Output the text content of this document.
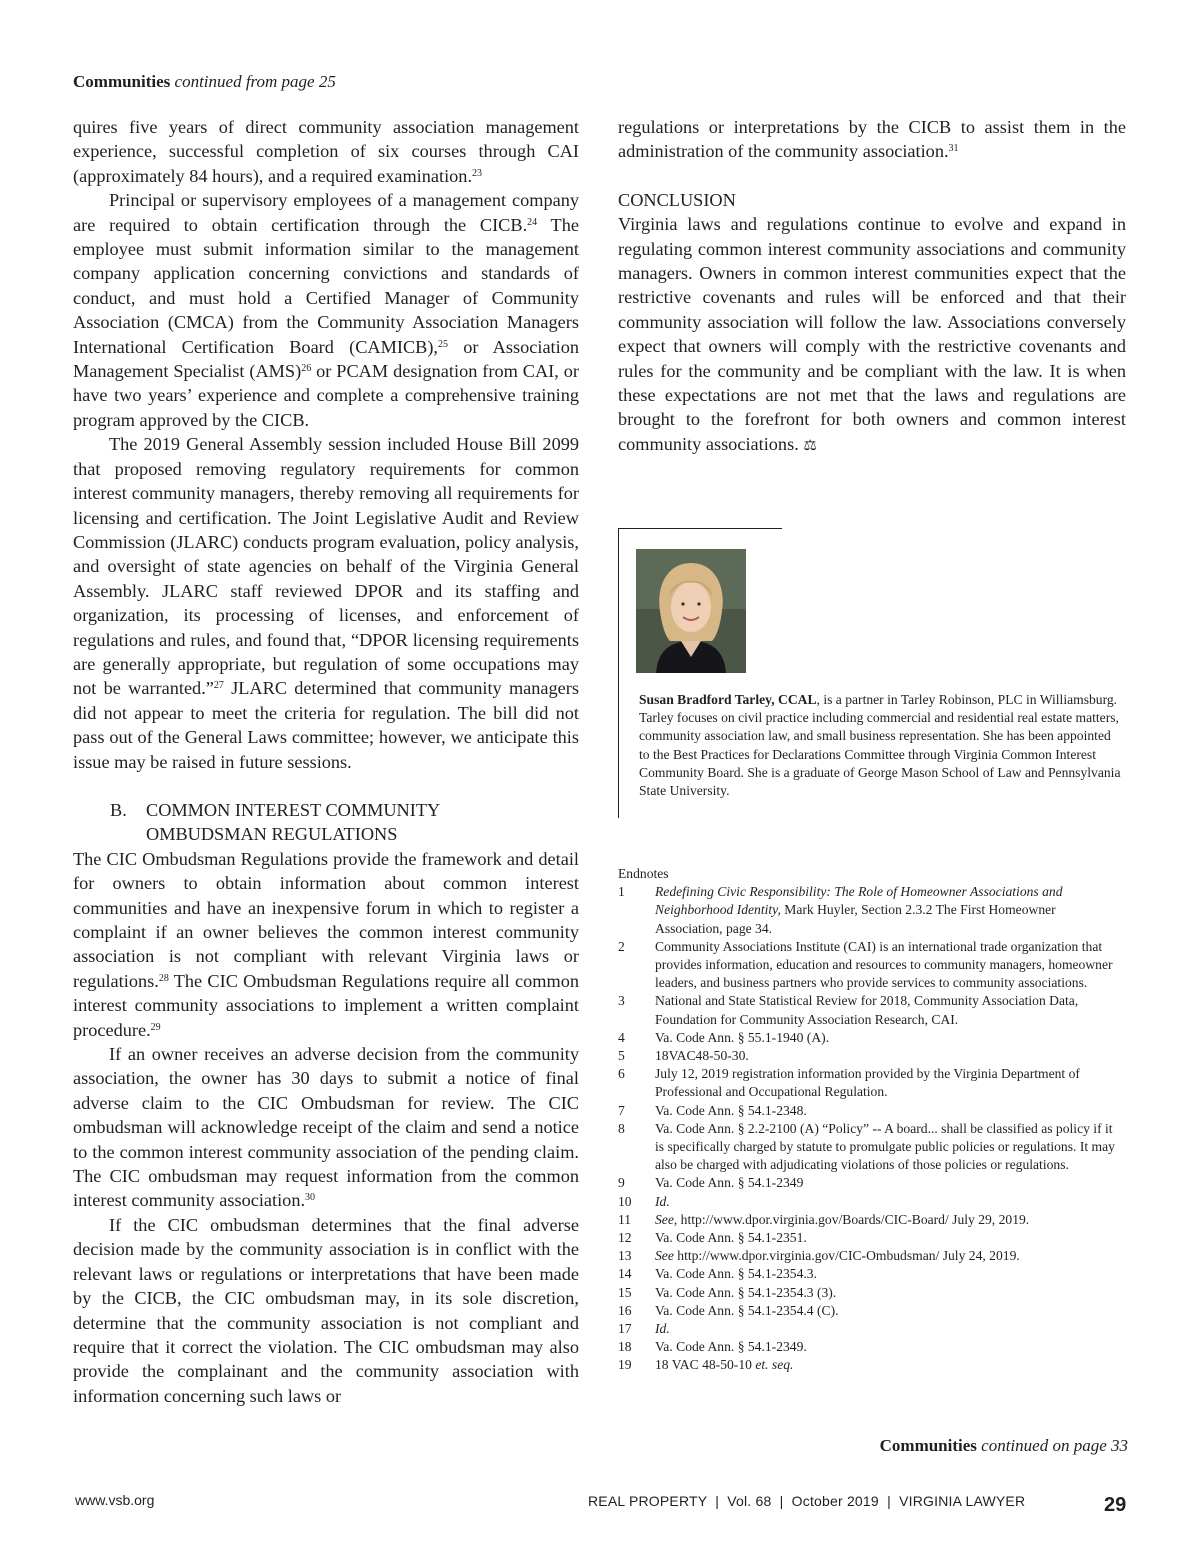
Communities continued from page 25

quires five years of direct community association management experience, successful completion of six courses through CAI (approximately 84 hours), and a required examination.$^{23}$

Principal or supervisory employees of a management company are required to obtain certification through the CICB.$^{24}$ The employee must submit information similar to the management company application concerning convictions and standards of conduct, and must hold a Certified Manager of Community Association (CMCA) from the Community Association Managers International Certification Board (CAMICB),$^{25}$ or Association Management Specialist (AMS)$^{26}$ or PCAM designation from CAI, or have two years’ experience and complete a comprehensive training program approved by the CICB.

The 2019 General Assembly session included House Bill 2099 that proposed removing regulatory requirements for common interest community managers, thereby removing all requirements for licensing and certification. The Joint Legislative Audit and Review Commission (JLARC) conducts program evaluation, policy analysis, and oversight of state agencies on behalf of the Virginia General Assembly. JLARC staff reviewed DPOR and its staffing and organization, its processing of licenses, and enforcement of regulations and rules, and found that, “DPOR licensing requirements are generally appropriate, but regulation of some occupations may not be warranted.”$^{27}$ JLARC determined that community managers did not appear to meet the criteria for regulation. The bill did not pass out of the General Laws committee; however, we anticipate this issue may be raised in future sessions.

B.	COMMON INTEREST COMMUNITY OMBUDSMAN REGULATIONS

The CIC Ombudsman Regulations provide the framework and detail for owners to obtain information about common interest communities and have an inexpensive forum in which to register a complaint if an owner believes the common interest community association is not compliant with relevant Virginia laws or regulations.$^{28}$ The CIC Ombudsman Regulations require all common interest community associations to implement a written complaint procedure.$^{29}$

If an owner receives an adverse decision from the community association, the owner has 30 days to submit a notice of final adverse claim to the CIC Ombudsman for review. The CIC ombudsman will acknowledge receipt of the claim and send a notice to the common interest community association of the pending claim. The CIC ombudsman may request information from the common interest community association.$^{30}$

If the CIC ombudsman determines that the final adverse decision made by the community association is in conflict with the relevant laws or regulations or interpretations that have been made by the CICB, the CIC ombudsman may, in its sole discretion, determine that the community association is not compliant and require that it correct the violation. The CIC ombudsman may also provide the complainant and the community association with information concerning such laws or

regulations or interpretations by the CICB to assist them in the administration of the community association.$^{31}$

CONCLUSION

Virginia laws and regulations continue to evolve and expand in regulating common interest community associations and community managers. Owners in common interest communities expect that the restrictive covenants and rules will be enforced and that their community association will follow the law. Associations conversely expect that owners will comply with the restrictive covenants and rules for the community and be compliant with the law. It is when these expectations are not met that the laws and regulations are brought to the forefront for both owners and common interest community associations. ⚖

Susan Bradford Tarley, CCAL, is a partner in Tarley Robinson, PLC in Williamsburg. Tarley focuses on civil practice including commercial and residential real estate matters, community association law, and small business representation. She has been appointed to the Best Practices for Declarations Committee through Virginia Common Interest Community Board. She is a graduate of George Mason School of Law and Pennsylvania State University.

Endnotes

1	Redefining Civic Responsibility: The Role of Homeowner Associations and Neighborhood Identity, Mark Huyler, Section 2.3.2 The First Homeowner Association, page 34.
2	Community Associations Institute (CAI) is an international trade organization that provides information, education and resources to community managers, homeowner leaders, and business partners who provide services to community associations.
3	National and State Statistical Review for 2018, Community Association Data, Foundation for Community Association Research, CAI.
4	Va. Code Ann. § 55.1-1940 (A).
5	18VAC48-50-30.
6	July 12, 2019 registration information provided by the Virginia Department of Professional and Occupational Regulation.
7	Va. Code Ann. § 54.1-2348.
8	Va. Code Ann. § 2.2-2100 (A) “Policy” -- A board... shall be classified as policy if it is specifically charged by statute to promulgate public policies or regulations. It may also be charged with adjudicating violations of those policies or regulations.
9	Va. Code Ann. § 54.1-2349
10	Id.
11	See, http://www.dpor.virginia.gov/Boards/CIC-Board/ July 29, 2019.
12	Va. Code Ann. § 54.1-2351.
13	See http://www.dpor.virginia.gov/CIC-Ombudsman/ July 24, 2019.
14	Va. Code Ann. § 54.1-2354.3.
15	Va. Code Ann. § 54.1-2354.3 (3).
16	Va. Code Ann. § 54.1-2354.4 (C).
17	Id.
18	Va. Code Ann. § 54.1-2349.
19	18 VAC 48-50-10 et. seq.
Communities continued on page 33
www.vsb.org	REAL PROPERTY  |  Vol. 68  |  October 2019  |  VIRGINIA LAWYER	29
